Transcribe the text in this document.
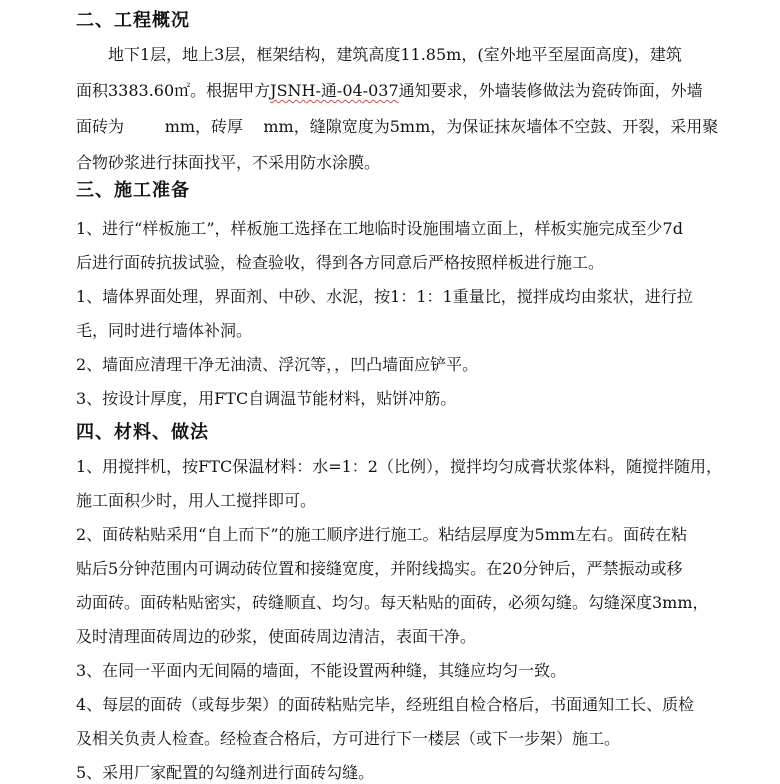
二、工程概况
地下1层，地上3层，框架结构，建筑高度11.85m，(室外地平至屋面高度)，建筑
面积3383.60㎡。根据甲方JSNH-通-04-037通知要求，外墙装修做法为瓷砖饰面，外墙
面砖为        mm，砖厚    mm，缝隙宽度为5mm，为保证抹灰墙体不空鼓、开裂，采用聚
合物砂浆进行抹面找平，不采用防水涂膜。
三、施工准备
1、进行“样板施工”，样板施工选择在工地临时设施围墙立面上，样板实施完成至少7d
后进行面砖抗拔试验，检查验收，得到各方同意后严格按照样板进行施工。
1、墙体界面处理，界面剂、中砂、水泥，按1：1：1重量比，搅拌成均由浆状，进行拉
毛，同时进行墙体补洞。
2、墙面应清理干净无油渍、浮沉等，，凹凸墙面应铲平。
3、按设计厚度，用FTC自调温节能材料，贴饼冲筋。
四、材料、做法
1、用搅拌机，按FTC保温材料：水=1：2（比例），搅拌均匀成膏状浆体料，随搅拌随用，
施工面积少时，用人工搅拌即可。
2、面砖粘贴采用“自上而下”的施工顺序进行施工。粘结层厚度为5mm左右。面砖在粘
贴后5分钟范围内可调动砖位置和接缝宽度，并附线捣实。在20分钟后，严禁振动或移
动面砖。面砖粘贴密实，砖缝顺直、均匀。每天粘贴的面砖，必须勾缝。勾缝深度3mm，
及时清理面砖周边的砂浆，使面砖周边清洁，表面干净。
3、在同一平面内无间隔的墙面，不能设置两种缝，其缝应均匀一致。
4、每层的面砖（或每步架）的面砖粘贴完毕，经班组自检合格后，书面通知工长、质检
及相关负责人检查。经检查合格后，方可进行下一楼层（或下一步架）施工。
5、采用厂家配置的勾缝剂进行面砖勾缝。
